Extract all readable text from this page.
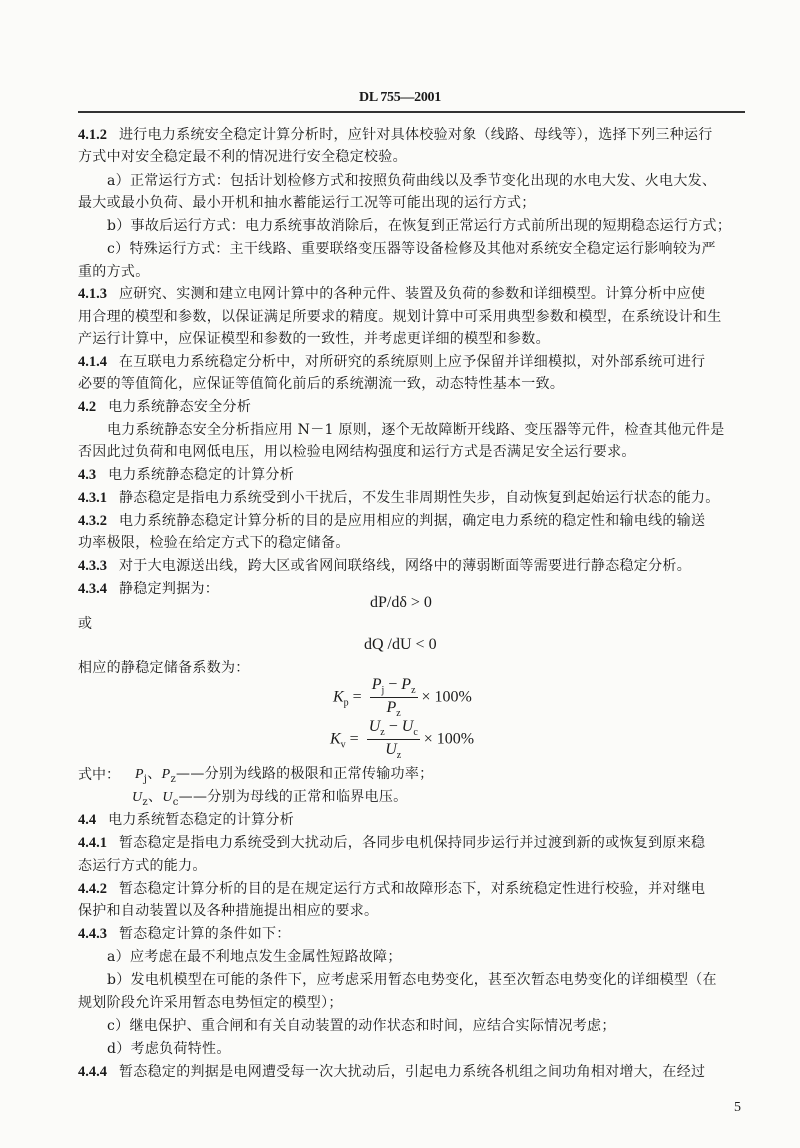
DL 755—2001
4.1.2 进行电力系统安全稳定计算分析时，应针对具体校验对象（线路、母线等），选择下列三种运行
方式中对安全稳定最不利的情况进行安全稳定校验。
a）正常运行方式：包括计划检修方式和按照负荷曲线以及季节变化出现的水电大发、火电大发、
最大或最小负荷、最小开机和抽水蓄能运行工况等可能出现的运行方式；
b）事故后运行方式：电力系统事故消除后，在恢复到正常运行方式前所出现的短期稳态运行方式；
c）特殊运行方式：主干线路、重要联络变压器等设备检修及其他对系统安全稳定运行影响较为严
重的方式。
4.1.3 应研究、实测和建立电网计算中的各种元件、装置及负荷的参数和详细模型。计算分析中应使
用合理的模型和参数，以保证满足所要求的精度。规划计算中可采用典型参数和模型，在系统设计和生
产运行计算中，应保证模型和参数的一致性，并考虑更详细的模型和参数。
4.1.4 在互联电力系统稳定分析中，对所研究的系统原则上应予保留并详细模拟，对外部系统可进行
必要的等值简化，应保证等值简化前后的系统潮流一致，动态特性基本一致。
4.2 电力系统静态安全分析
电力系统静态安全分析指应用 N－1 原则，逐个无故障断开线路、变压器等元件，检查其他元件是
否因此过负荷和电网低电压，用以检验电网结构强度和运行方式是否满足安全运行要求。
4.3 电力系统静态稳定的计算分析
4.3.1 静态稳定是指电力系统受到小干扰后，不发生非周期性失步，自动恢复到起始运行状态的能力。
4.3.2 电力系统静态稳定计算分析的目的是应用相应的判据，确定电力系统的稳定性和输电线的输送
功率极限，检验在给定方式下的稳定储备。
4.3.3 对于大电源送出线，跨大区或省网间联络线，网络中的薄弱断面等需要进行静态稳定分析。
4.3.4 静稳定判据为：
dP/dδ > 0
或
dQ /dU < 0
相应的静稳定储备系数为：
$K_p = \frac{P_j - P_z}{P_z} \times 100\%$
$K_v = \frac{U_z - U_c}{U_z} \times 100\%$
式中： $P_j$、$P_z——$分别为线路的极限和正常传输功率；
$U_z$、$U_c——$分别为母线的正常和临界电压。
4.4 电力系统暂态稳定的计算分析
4.4.1 暂态稳定是指电力系统受到大扰动后，各同步电机保持同步运行并过渡到新的或恢复到原来稳
态运行方式的能力。
4.4.2 暂态稳定计算分析的目的是在规定运行方式和故障形态下，对系统稳定性进行校验，并对继电
保护和自动装置以及各种措施提出相应的要求。
4.4.3 暂态稳定计算的条件如下：
a）应考虑在最不利地点发生金属性短路故障；
b）发电机模型在可能的条件下，应考虑采用暂态电势变化，甚至次暂态电势变化的详细模型（在
规划阶段允许采用暂态电势恒定的模型）；
c）继电保护、重合闸和有关自动装置的动作状态和时间，应结合实际情况考虑；
d）考虑负荷特性。
4.4.4 暂态稳定的判据是电网遭受每一次大扰动后，引起电力系统各机组之间功角相对增大，在经过
5
